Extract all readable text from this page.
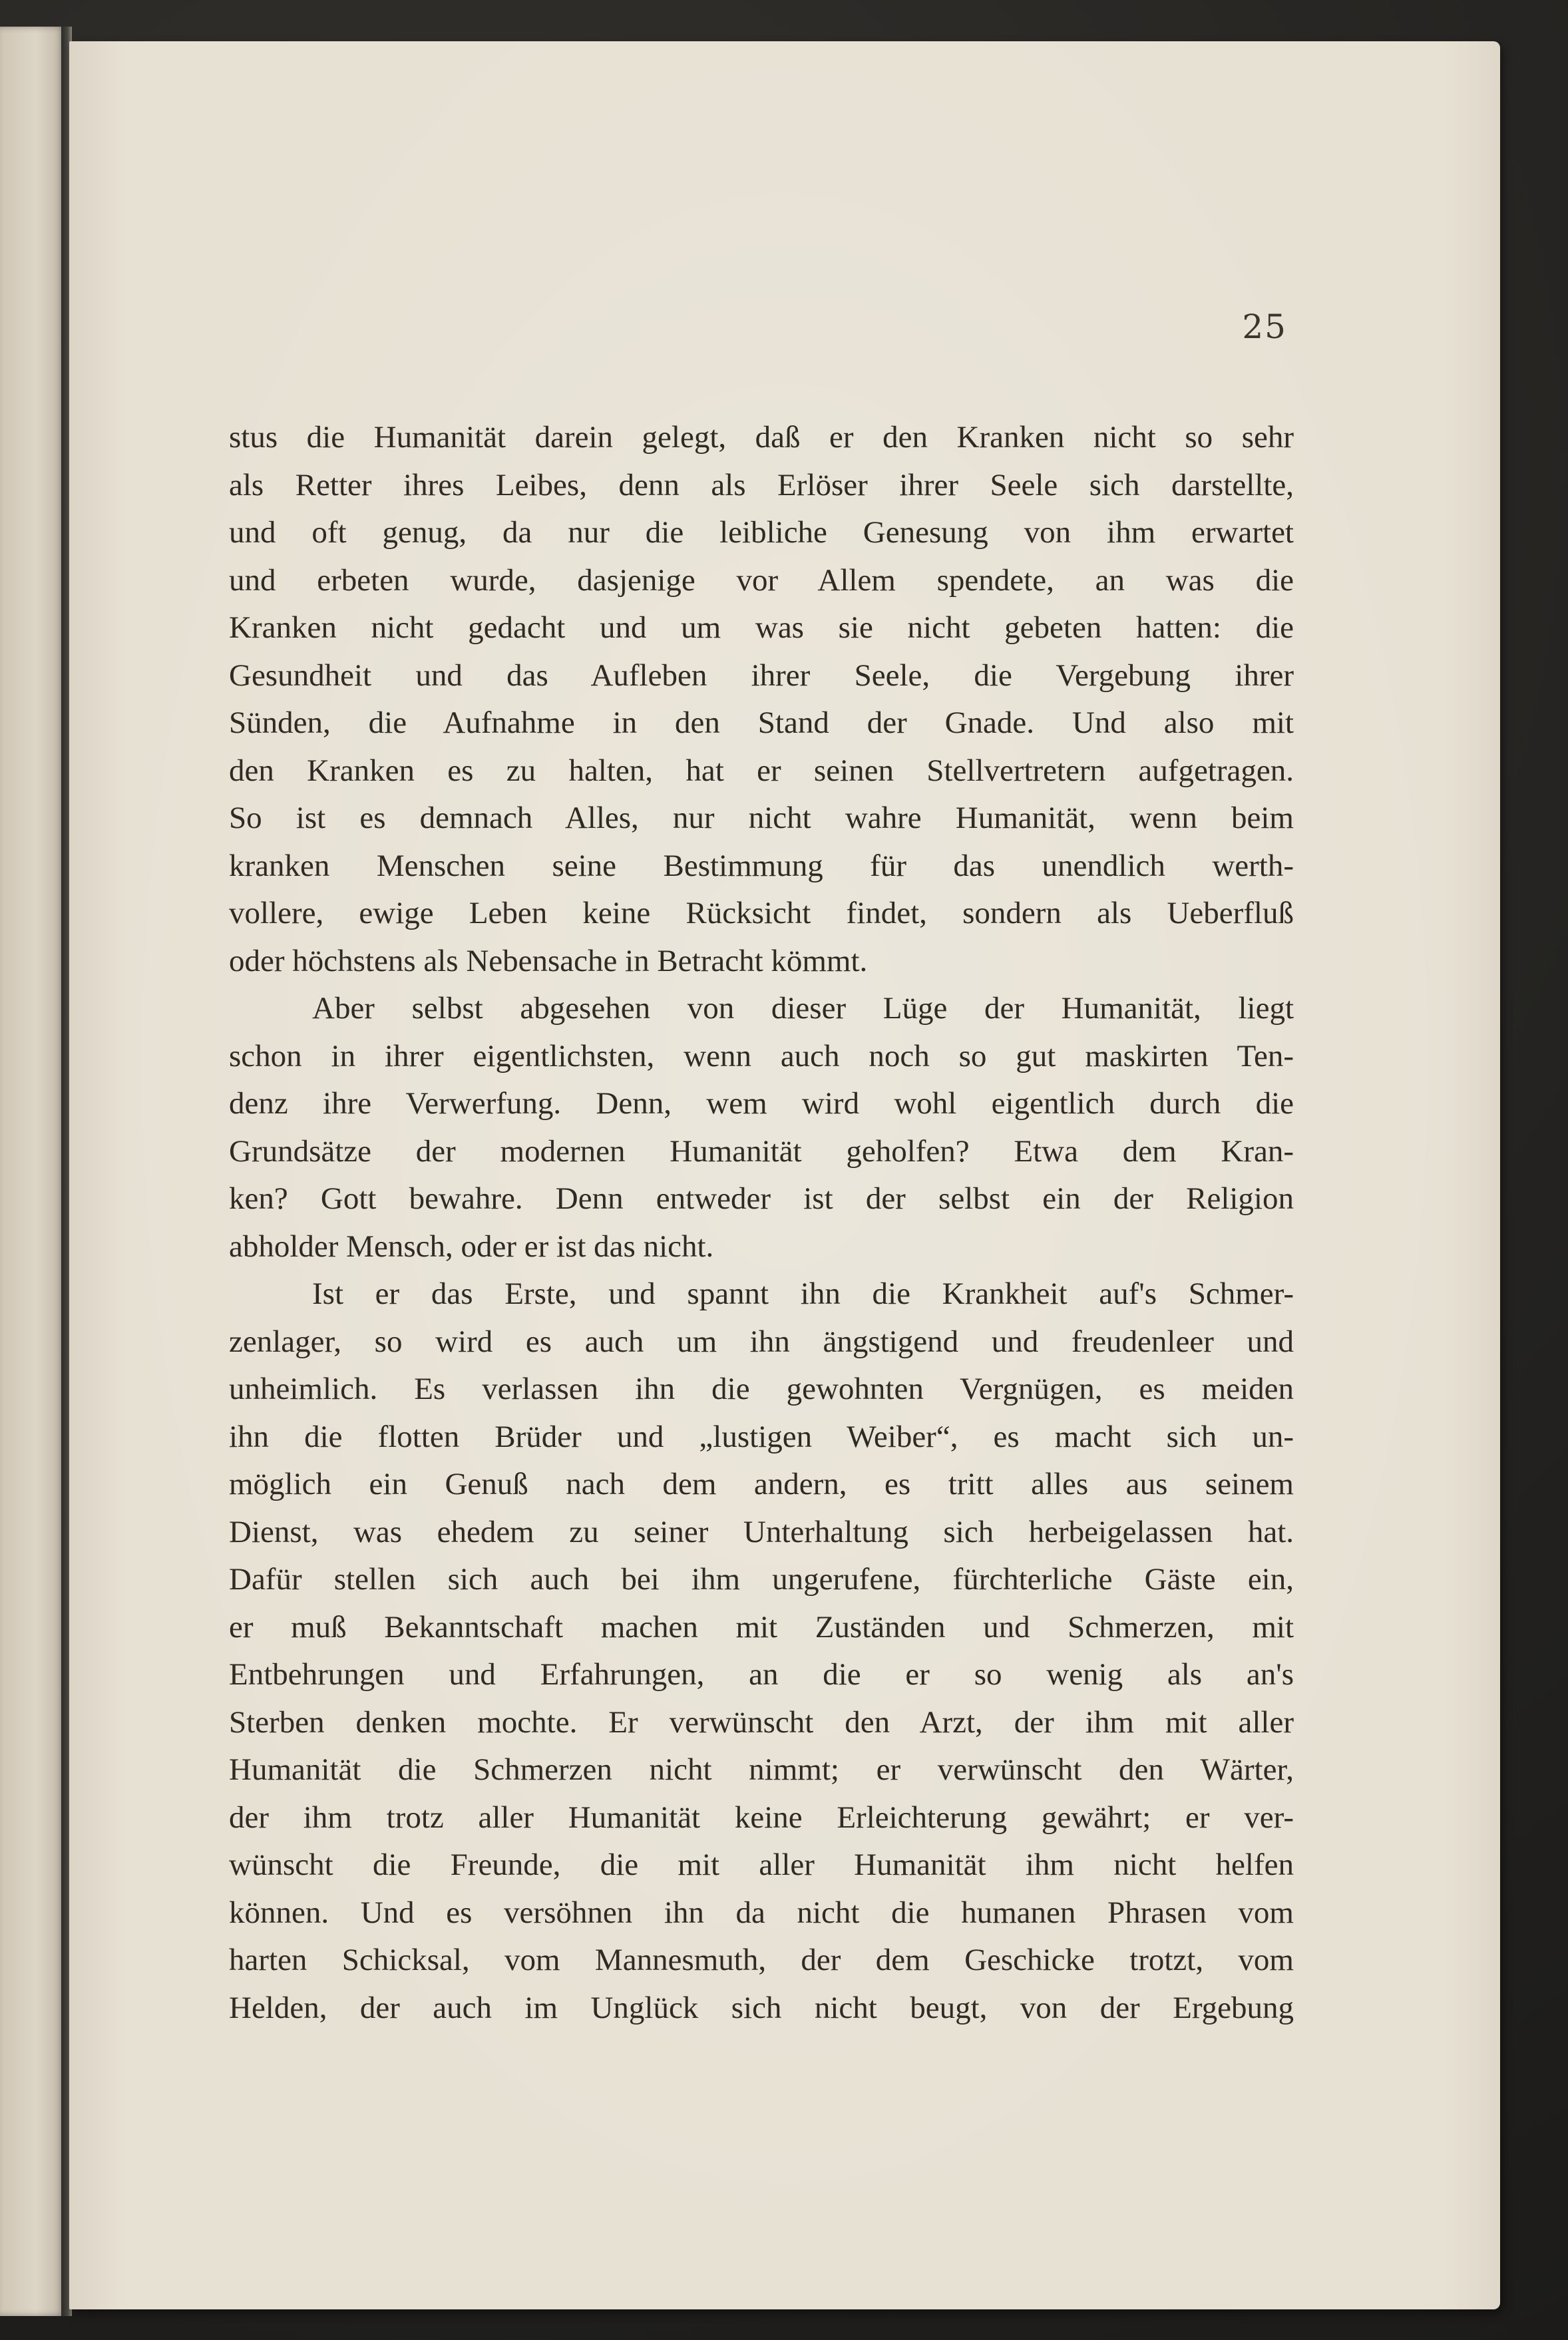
25
stus die Humanität darein gelegt, daß er den Kranken nicht so sehr
als Retter ihres Leibes, denn als Erlöser ihrer Seele sich darstellte,
und oft genug, da nur die leibliche Genesung von ihm erwartet
und erbeten wurde, dasjenige vor Allem spendete, an was die
Kranken nicht gedacht und um was sie nicht gebeten hatten: die
Gesundheit und das Aufleben ihrer Seele, die Vergebung ihrer
Sünden, die Aufnahme in den Stand der Gnade. Und also mit
den Kranken es zu halten, hat er seinen Stellvertretern aufgetragen.
So ist es demnach Alles, nur nicht wahre Humanität, wenn beim
kranken Menschen seine Bestimmung für das unendlich werth-
vollere, ewige Leben keine Rücksicht findet, sondern als Ueberfluß
oder höchstens als Nebensache in Betracht kömmt.
Aber selbst abgesehen von dieser Lüge der Humanität, liegt
schon in ihrer eigentlichsten, wenn auch noch so gut maskirten Ten-
denz ihre Verwerfung. Denn, wem wird wohl eigentlich durch die
Grundsätze der modernen Humanität geholfen? Etwa dem Kran-
ken? Gott bewahre. Denn entweder ist der selbst ein der Religion
abholder Mensch, oder er ist das nicht.
Ist er das Erste, und spannt ihn die Krankheit auf's Schmer-
zenlager, so wird es auch um ihn ängstigend und freudenleer und
unheimlich. Es verlassen ihn die gewohnten Vergnügen, es meiden
ihn die flotten Brüder und „lustigen Weiber“, es macht sich un-
möglich ein Genuß nach dem andern, es tritt alles aus seinem
Dienst, was ehedem zu seiner Unterhaltung sich herbeigelassen hat.
Dafür stellen sich auch bei ihm ungerufene, fürchterliche Gäste ein,
er muß Bekanntschaft machen mit Zuständen und Schmerzen, mit
Entbehrungen und Erfahrungen, an die er so wenig als an's
Sterben denken mochte. Er verwünscht den Arzt, der ihm mit aller
Humanität die Schmerzen nicht nimmt; er verwünscht den Wärter,
der ihm trotz aller Humanität keine Erleichterung gewährt; er ver-
wünscht die Freunde, die mit aller Humanität ihm nicht helfen
können. Und es versöhnen ihn da nicht die humanen Phrasen vom
harten Schicksal, vom Mannesmuth, der dem Geschicke trotzt, vom
Helden, der auch im Unglück sich nicht beugt, von der Ergebung
